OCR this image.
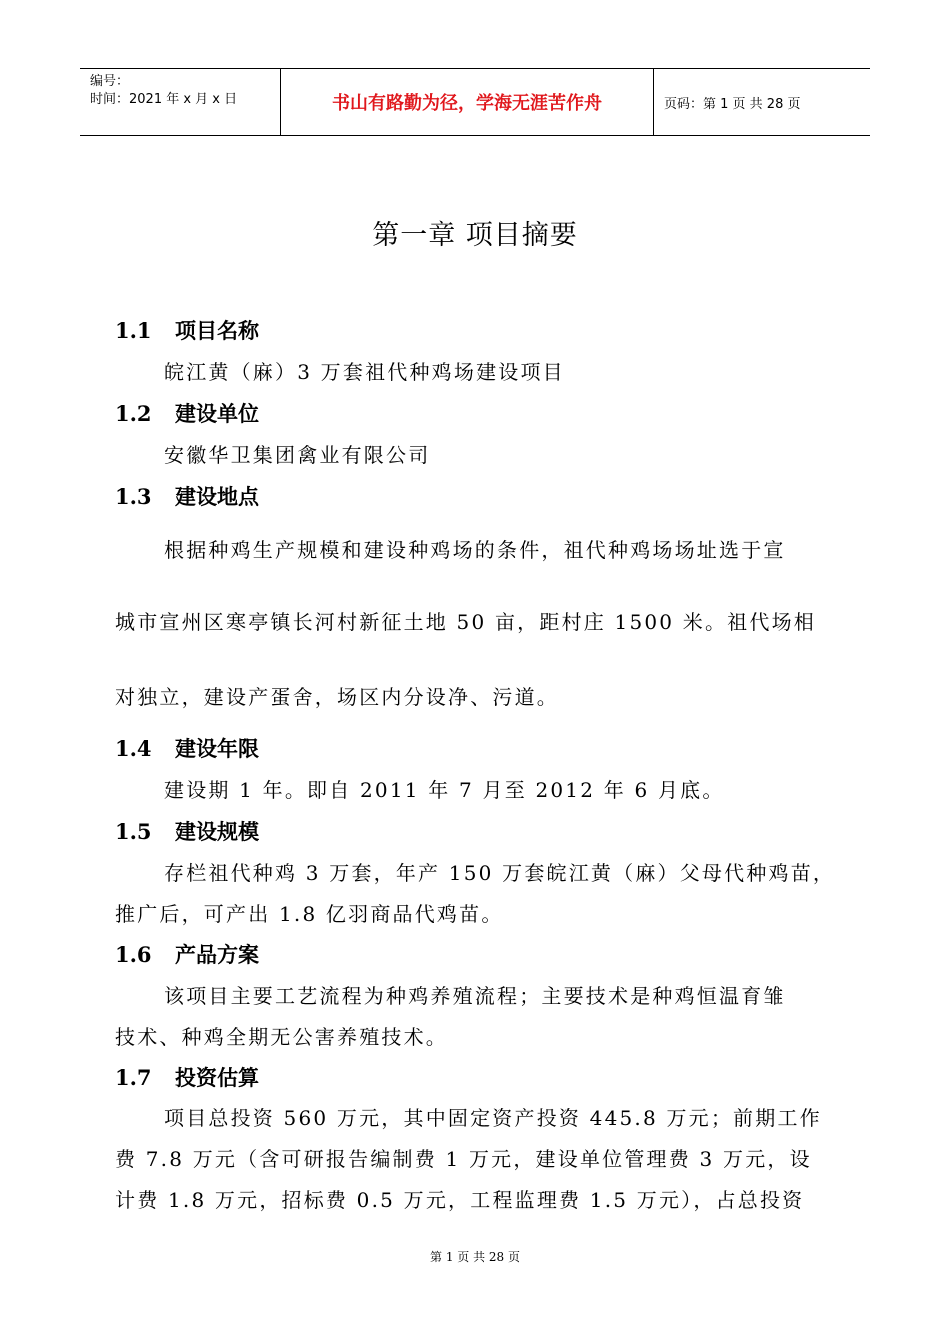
编号：
时间：2021 年 x 月 x 日	书山有路勤为径，学海无涯苦作舟	页码：第 1 页 共 28 页
第一章 项目摘要
1.1 项目名称
皖江黄（麻）3 万套祖代种鸡场建设项目
1.2 建设单位
安徽华卫集团禽业有限公司
1.3 建设地点
根据种鸡生产规模和建设种鸡场的条件，祖代种鸡场场址选于宣
城市宣州区寒亭镇长河村新征土地 50 亩，距村庄 1500 米。祖代场相
对独立，建设产蛋舍，场区内分设净、污道。
1.4 建设年限
建设期 1 年。即自 2011 年 7 月至 2012 年 6 月底。
1.5 建设规模
存栏祖代种鸡 3 万套，年产 150 万套皖江黄（麻）父母代种鸡苗，
推广后，可产出 1.8 亿羽商品代鸡苗。
1.6 产品方案
该项目主要工艺流程为种鸡养殖流程；主要技术是种鸡恒温育雏
技术、种鸡全期无公害养殖技术。
1.7 投资估算
项目总投资 560 万元，其中固定资产投资 445.8 万元；前期工作
费 7.8 万元（含可研报告编制费 1 万元，建设单位管理费 3 万元，设
计费 1.8 万元，招标费 0.5 万元，工程监理费 1.5 万元），占总投资
第 1 页 共 28 页
